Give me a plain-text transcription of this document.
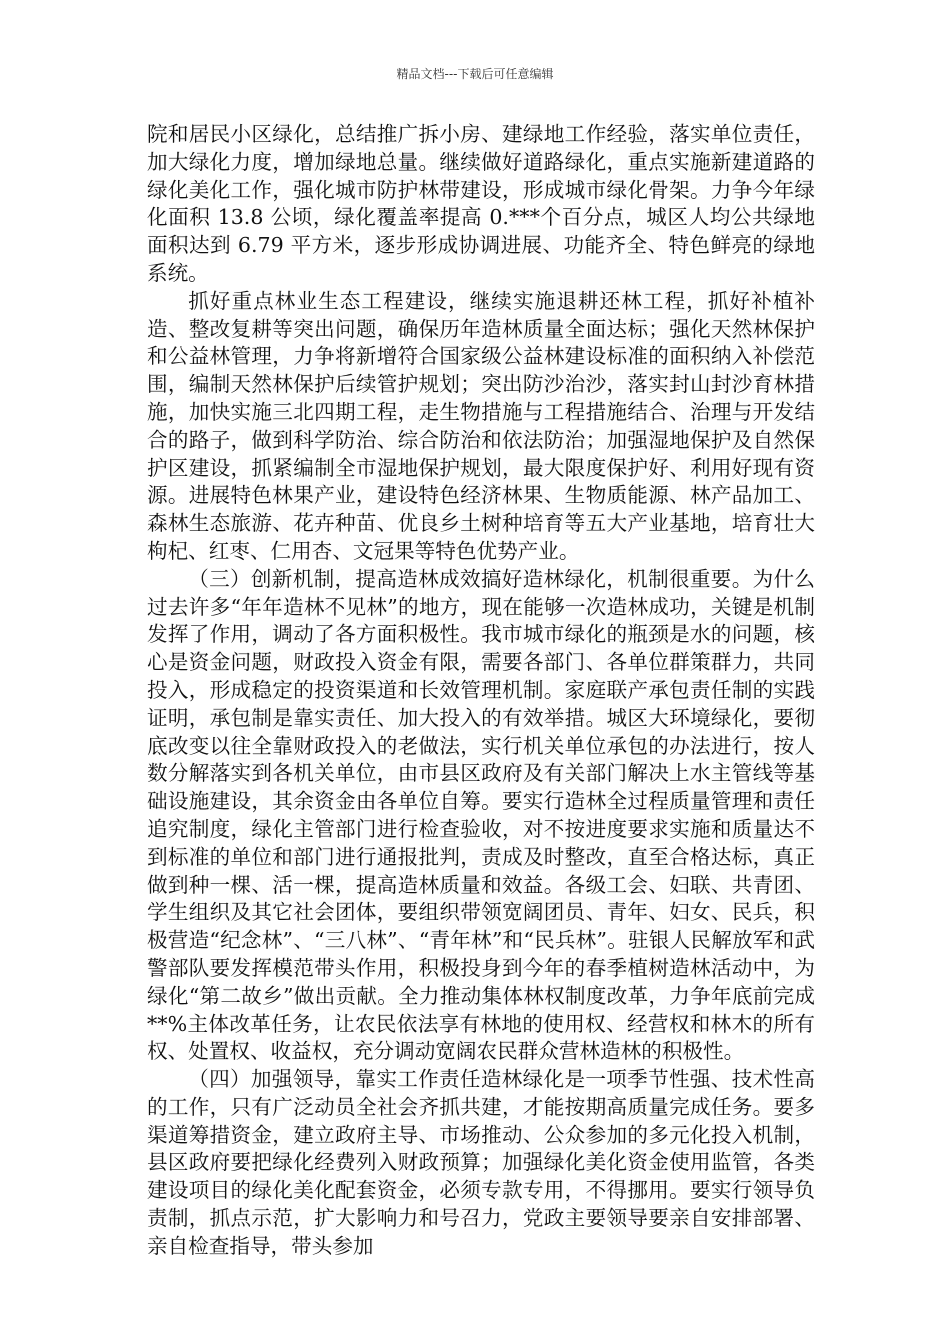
精品文档---下载后可任意编辑

院和居民小区绿化，总结推广拆小房、建绿地工作经验，落实单位责任，加大绿化力度，增加绿地总量。继续做好道路绿化，重点实施新建道路的绿化美化工作，强化城市防护林带建设，形成城市绿化骨架。力争今年绿化面积 13.8 公顷，绿化覆盖率提高 0.***个百分点，城区人均公共绿地面积达到 6.79 平方米，逐步形成协调进展、功能齐全、特色鲜亮的绿地系统。

抓好重点林业生态工程建设，继续实施退耕还林工程，抓好补植补造、整改复耕等突出问题，确保历年造林质量全面达标；强化天然林保护和公益林管理，力争将新增符合国家级公益林建设标准的面积纳入补偿范围，编制天然林保护后续管护规划；突出防沙治沙，落实封山封沙育林措施，加快实施三北四期工程，走生物措施与工程措施结合、治理与开发结合的路子，做到科学防治、综合防治和依法防治；加强湿地保护及自然保护区建设，抓紧编制全市湿地保护规划，最大限度保护好、利用好现有资源。进展特色林果产业，建设特色经济林果、生物质能源、林产品加工、森林生态旅游、花卉种苗、优良乡土树种培育等五大产业基地，培育壮大枸杞、红枣、仁用杏、文冠果等特色优势产业。

（三）创新机制，提高造林成效搞好造林绿化，机制很重要。为什么过去许多“年年造林不见林”的地方，现在能够一次造林成功，关键是机制发挥了作用，调动了各方面积极性。我市城市绿化的瓶颈是水的问题，核心是资金问题，财政投入资金有限，需要各部门、各单位群策群力，共同投入，形成稳定的投资渠道和长效管理机制。家庭联产承包责任制的实践证明，承包制是靠实责任、加大投入的有效举措。城区大环境绿化，要彻底改变以往全靠财政投入的老做法，实行机关单位承包的办法进行，按人数分解落实到各机关单位，由市县区政府及有关部门解决上水主管线等基础设施建设，其余资金由各单位自筹。要实行造林全过程质量管理和责任追究制度，绿化主管部门进行检查验收，对不按进度要求实施和质量达不到标准的单位和部门进行通报批判，责成及时整改，直至合格达标，真正做到种一棵、活一棵，提高造林质量和效益。各级工会、妇联、共青团、学生组织及其它社会团体，要组织带领宽阔团员、青年、妇女、民兵，积极营造“纪念林”、“三八林”、“青年林”和“民兵林”。驻银人民解放军和武警部队要发挥模范带头作用，积极投身到今年的春季植树造林活动中，为绿化“第二故乡”做出贡献。全力推动集体林权制度改革，力争年底前完成**%主体改革任务，让农民依法享有林地的使用权、经营权和林木的所有权、处置权、收益权，充分调动宽阔农民群众营林造林的积极性。

（四）加强领导，靠实工作责任造林绿化是一项季节性强、技术性高的工作，只有广泛动员全社会齐抓共建，才能按期高质量完成任务。要多渠道筹措资金，建立政府主导、市场推动、公众参加的多元化投入机制，县区政府要把绿化经费列入财政预算；加强绿化美化资金使用监管，各类建设项目的绿化美化配套资金，必须专款专用，不得挪用。要实行领导负责制，抓点示范，扩大影响力和号召力，党政主要领导要亲自安排部署、亲自检查指导，带头参加
